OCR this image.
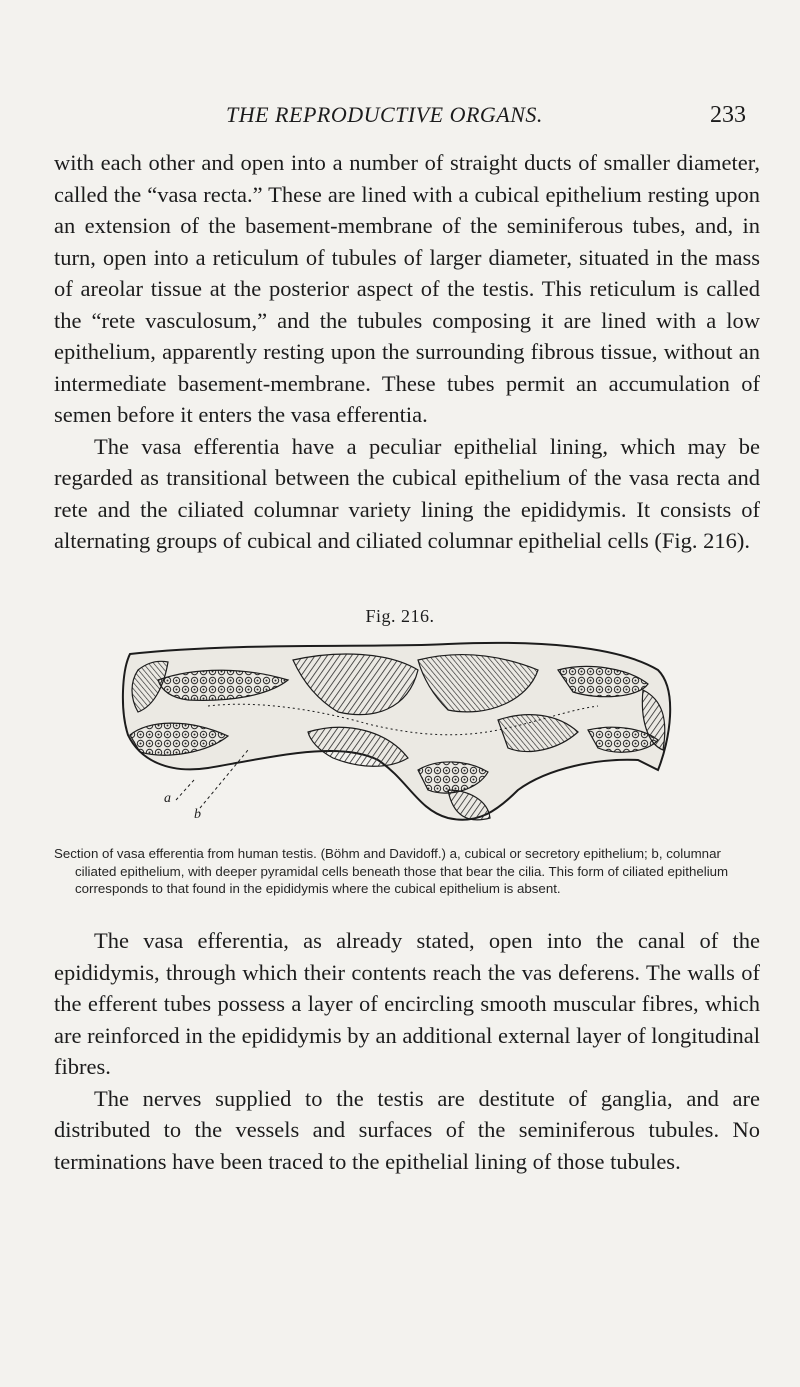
THE REPRODUCTIVE ORGANS.	233

with each other and open into a number of straight ducts of smaller diameter, called the “vasa recta.” These are lined with a cubical epithelium resting upon an extension of the basement-membrane of the seminiferous tubes, and, in turn, open into a reticulum of tubules of larger diameter, situated in the mass of areolar tissue at the posterior aspect of the testis. This reticulum is called the “rete vasculosum,” and the tubules composing it are lined with a low epithelium, apparently resting upon the surrounding fibrous tissue, without an intermediate basement-membrane. These tubes permit an accumulation of semen before it enters the vasa efferentia.

The vasa efferentia have a peculiar epithelial lining, which may be regarded as transitional between the cubical epithelium of the vasa recta and rete and the ciliated columnar variety lining the epididymis. It consists of alternating groups of cubical and ciliated columnar epithelial cells (Fig. 216).

Fig. 216.
a
b
Section of vasa efferentia from human testis. (Böhm and Davidoff.) a, cubical or secretory epithelium; b, columnar ciliated epithelium, with deeper pyramidal cells beneath those that bear the cilia. This form of ciliated epithelium corresponds to that found in the epididymis where the cubical epithelium is absent.

The vasa efferentia, as already stated, open into the canal of the epididymis, through which their contents reach the vas deferens. The walls of the efferent tubes possess a layer of encircling smooth muscular fibres, which are reinforced in the epididymis by an additional external layer of longitudinal fibres.

The nerves supplied to the testis are destitute of ganglia, and are distributed to the vessels and surfaces of the seminiferous tubules. No terminations have been traced to the epithelial lining of those tubules.
